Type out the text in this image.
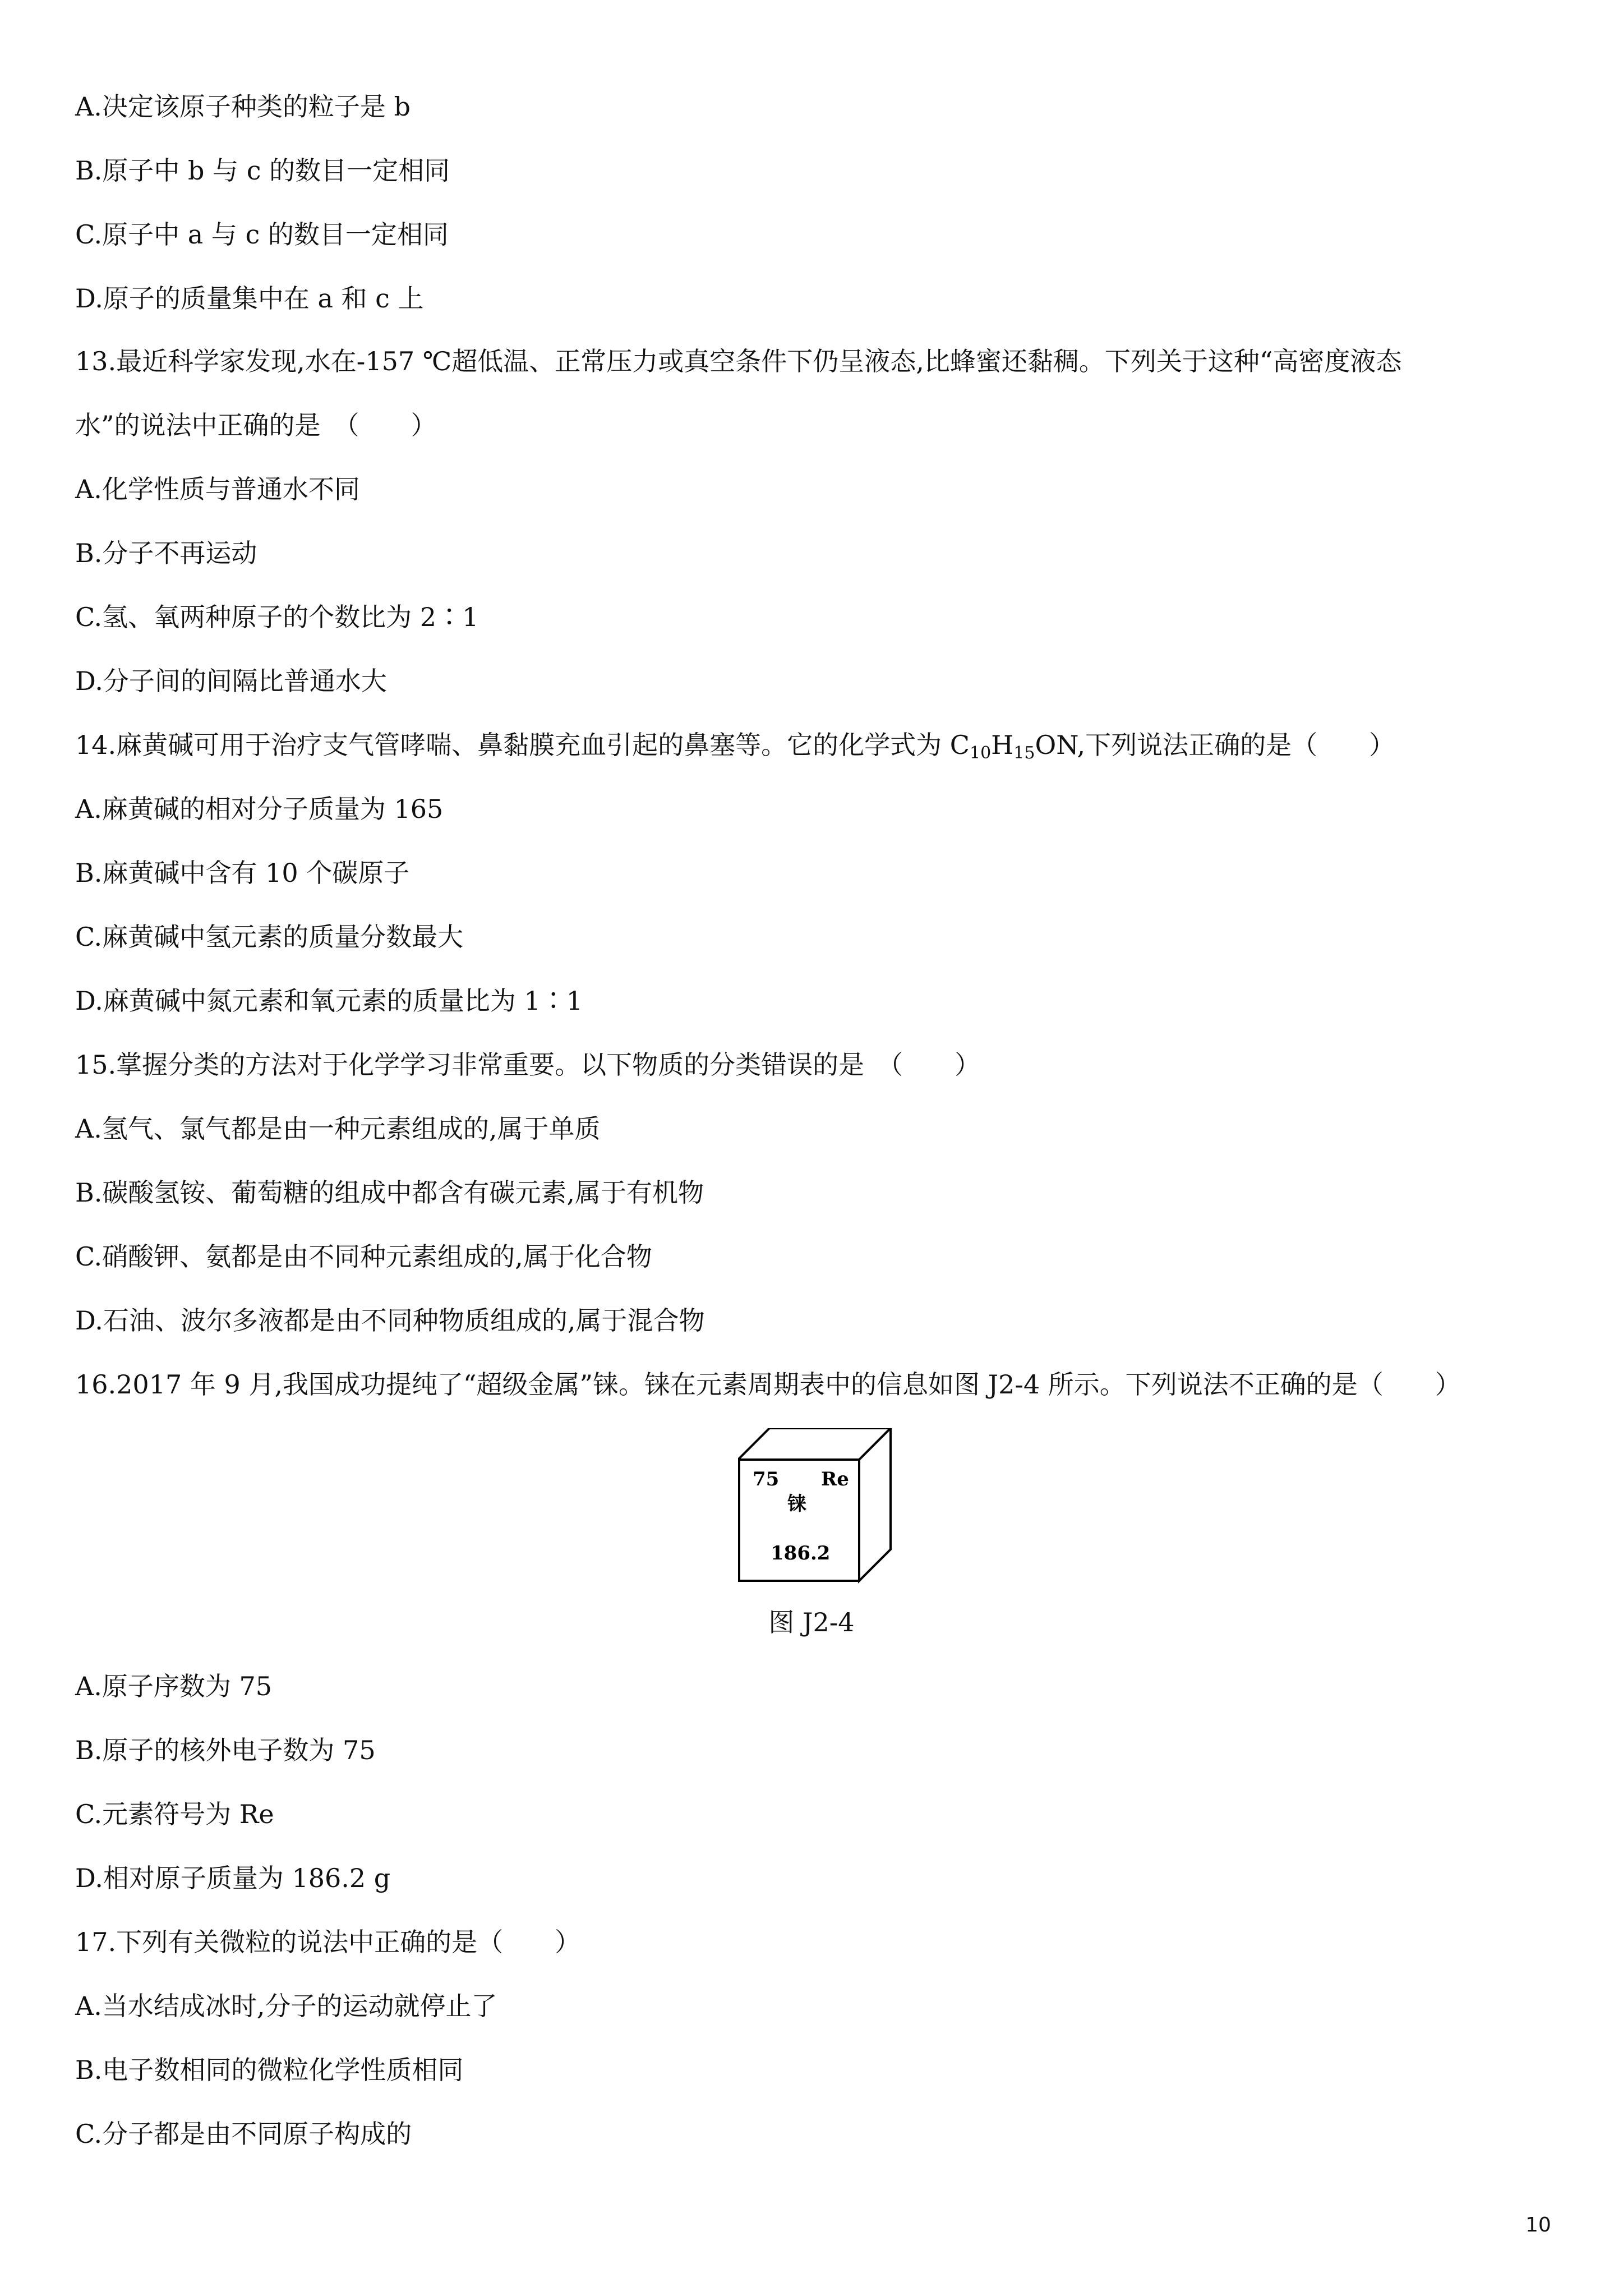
A.决定该原子种类的粒子是 b
B.原子中 b 与 c 的数目一定相同
C.原子中 a 与 c 的数目一定相同
D.原子的质量集中在 a 和 c 上
13.最近科学家发现,水在-157 ℃超低温、正常压力或真空条件下仍呈液态,比蜂蜜还黏稠。下列关于这种“高密度液态
水”的说法中正确的是　（　　）
A.化学性质与普通水不同
B.分子不再运动
C.氢、氧两种原子的个数比为 2∶1
D.分子间的间隔比普通水大
14.麻黄碱可用于治疗支气管哮喘、鼻黏膜充血引起的鼻塞等。它的化学式为 $C_{10}H_{15}ON$,下列说法正确的是（　　）
A.麻黄碱的相对分子质量为 165
B.麻黄碱中含有 10 个碳原子
C.麻黄碱中氢元素的质量分数最大
D.麻黄碱中氮元素和氧元素的质量比为 1∶1
15.掌握分类的方法对于化学学习非常重要。以下物质的分类错误的是　（　　）
A.氢气、氯气都是由一种元素组成的,属于单质
B.碳酸氢铵、葡萄糖的组成中都含有碳元素,属于有机物
C.硝酸钾、氨都是由不同种元素组成的,属于化合物
D.石油、波尔多液都是由不同种物质组成的,属于混合物
16.2017 年 9 月,我国成功提纯了“超级金属”铼。铼在元素周期表中的信息如图 J2-4 所示。下列说法不正确的是（　　）
75 Re
铼
186.2
图 J2-4
A.原子序数为 75
B.原子的核外电子数为 75
C.元素符号为 Re
D.相对原子质量为 186.2 g
17.下列有关微粒的说法中正确的是（　　）
A.当水结成冰时,分子的运动就停止了
B.电子数相同的微粒化学性质相同
C.分子都是由不同原子构成的
10
